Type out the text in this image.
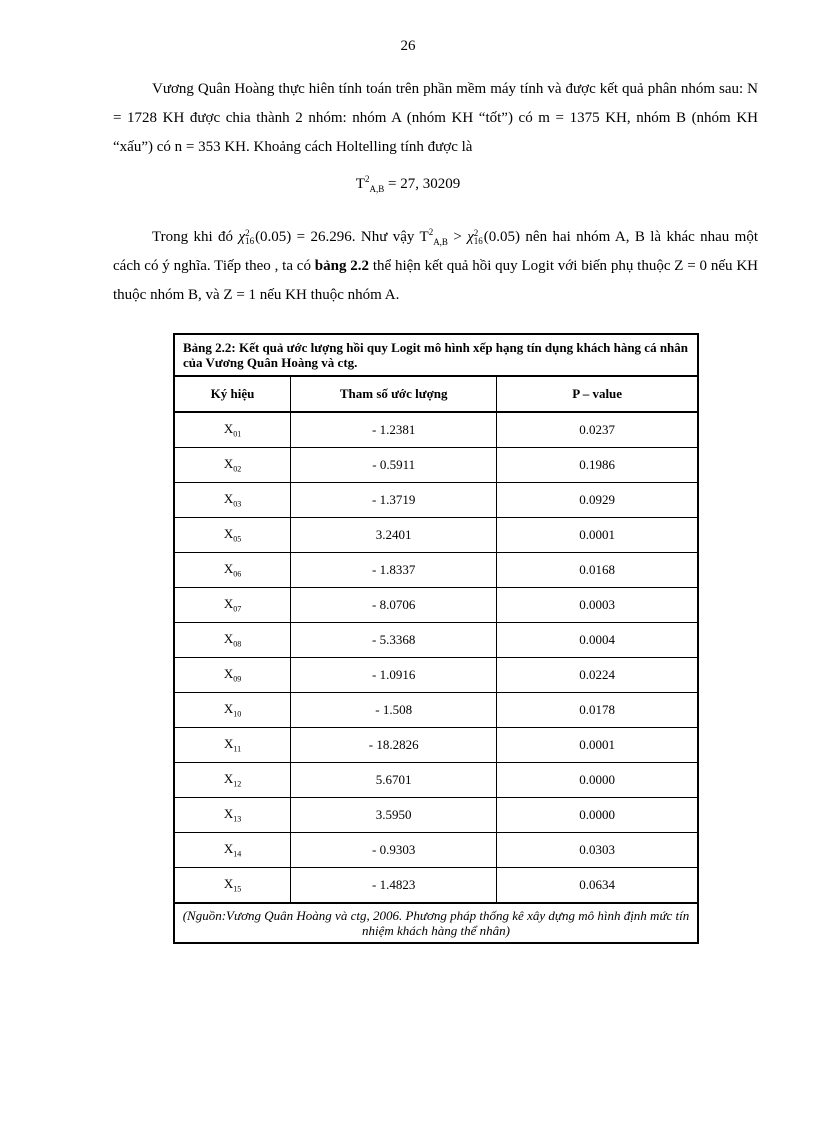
26

Vương Quân Hoàng thực hiên tính toán trên phần mềm máy tính và được kết quả phân nhóm sau: N = 1728 KH được chia thành 2 nhóm: nhóm A (nhóm KH “tốt”) có m = 1375 KH, nhóm B (nhóm KH “xấu”) có n = 353 KH. Khoảng cách Holtelling tính được là

$T^2_{A,B} = 27$, 30209

Trong khi đó χ 2
16 (0.05) = 26.296. Như vậy $T^2_{A,B} > \chi$ 2
16 (0.05) nên hai nhóm A, B là khác nhau một cách có ý nghĩa. Tiếp theo , ta có bảng 2.2 thể hiện kết quả hồi quy Logit với biến phụ thuộc Z = 0 nếu KH thuộc nhóm B, và Z = 1 nếu KH thuộc nhóm A.

Bảng 2.2: Kết quả ước lượng hồi quy Logit mô hình xếp hạng tín dụng khách hàng cá nhân của Vương Quân Hoàng và ctg.		
Ký hiệu	Tham số ước lượng	P – value
$X_{01}$	- 1.2381	0.0237
$X_{02}$	- 0.5911	0.1986
$X_{03}$	- 1.3719	0.0929
$X_{05}$	3.2401	0.0001
$X_{06}$	- 1.8337	0.0168
$X_{07}$	- 8.0706	0.0003
$X_{08}$	- 5.3368	0.0004
$X_{09}$	- 1.0916	0.0224
$X_{10}$	- 1.508	0.0178
$X_{11}$	- 18.2826	0.0001
$X_{12}$	5.6701	0.0000
$X_{13}$	3.5950	0.0000
$X_{14}$	- 0.9303	0.0303
$X_{15}$	- 1.4823	0.0634
(Nguồn:Vương Quân Hoàng và ctg, 2006. Phương pháp thống kê xây dựng mô hình định mức tín nhiệm khách hàng thể nhân)		
